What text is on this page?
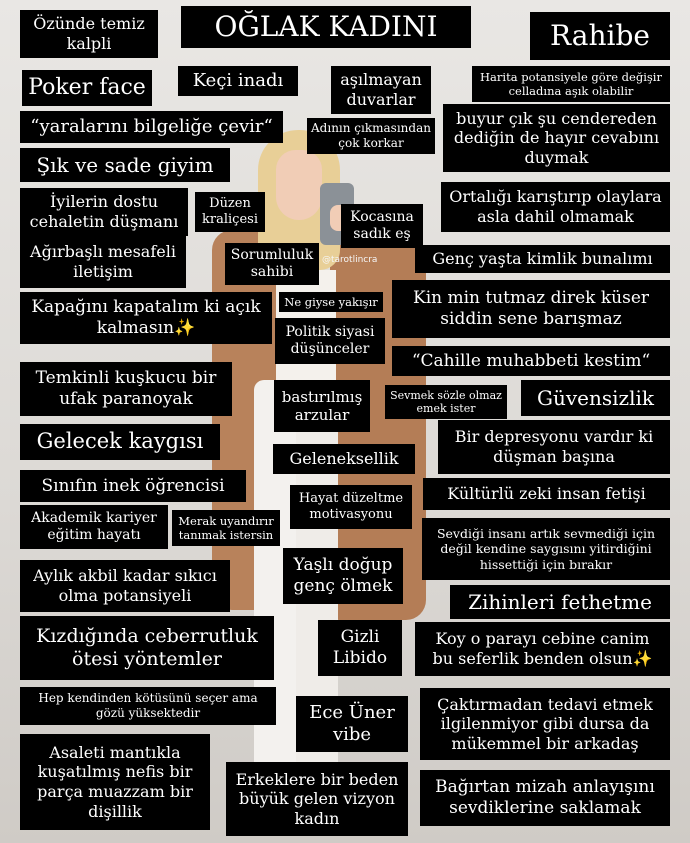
@tarotlincra
OĞLAK KADINI
Özünde temiz
kalpli	Rahibe
Poker face	Keçi inadı	aşılmayan
duvarlar
Harita potansiyele göre değişir
celladına aşık olabilir
“yaralarını bilgeliğe çevir“	Adının çıkmasından
çok korkar
buyur çık şu cendereden
dediğin de hayır cevabını
duymak
Şık ve sade giyim
İyilerin dostu
cehaletin düşmanı
Düzen
kraliçesi	Kocasına
sadık eş
Ortalığı karıştırıp olaylara
asla dahil olmamak
Ağırbaşlı mesafeli
iletişim
Sorumluluk
sahibi
Genç yaşta kimlik bunalımı
Ne giyse yakışır
Kapağını kapatalım ki açık
kalmasın✨
Kin min tutmaz direk küser
siddin sene barışmaz
Politik siyasi
düşünceler
“Cahille muhabbeti kestim“
Temkinli kuşkucu bir
ufak paranoyak	bastırılmış
arzular
Sevmek sözle olmaz
emek ister	Güvensizlik
Gelecek kaygısı	Bir depresyonu vardır ki
düşman başına
Geleneksellik
Sınıfın inek öğrencisi	Kültürlü zeki insan fetişi
Hayat düzeltme
motivasyonu
Akademik kariyer
eğitim hayatı
Merak uyandırır
tanımak istersin	Sevdiği insanı artık sevmediği için
değil kendine saygısını yitirdiğini
hissettiği için bırakır
Yaşlı doğup
genç ölmek
Aylık akbil kadar sıkıcı
olma potansiyeli	Zihinleri fethetme
Kızdığında ceberrutluk
ötesi yöntemler
Gizli
Libido
Koy o parayı cebine canim
bu seferlik benden olsun✨
Hep kendinden kötüsünü seçer ama
gözü yüksektedir	Ece Üner
vibe
Çaktırmadan tedavi etmek
ilgilenmiyor gibi dursa da
mükemmel bir arkadaş
Asaleti mantıkla
kuşatılmış nefis bir
parça muazzam bir
dişillik
Erkeklere bir beden
büyük gelen vizyon
kadın
Bağırtan mizah anlayışını
sevdiklerine saklamak
